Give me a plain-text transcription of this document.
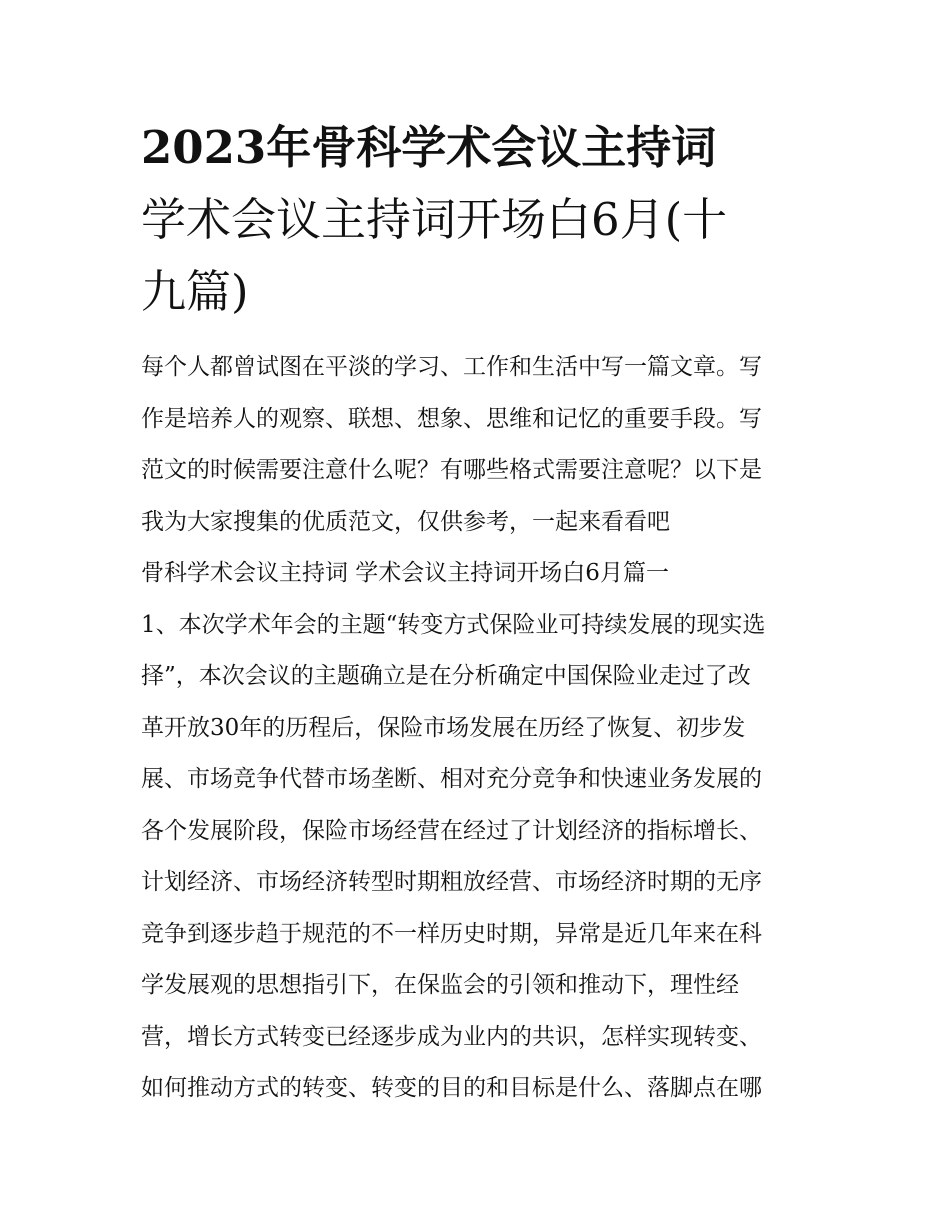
2023年骨科学术会议主持词
学术会议主持词开场白6月(十
九篇)
每个人都曾试图在平淡的学习、工作和生活中写一篇文章。写
作是培养人的观察、联想、想象、思维和记忆的重要手段。写
范文的时候需要注意什么呢？有哪些格式需要注意呢？以下是
我为大家搜集的优质范文，仅供参考，一起来看看吧
骨科学术会议主持词 学术会议主持词开场白6月篇一
1、本次学术年会的主题“转变方式保险业可持续发展的现实选
择”，本次会议的主题确立是在分析确定中国保险业走过了改
革开放30年的历程后，保险市场发展在历经了恢复、初步发
展、市场竞争代替市场垄断、相对充分竞争和快速业务发展的
各个发展阶段，保险市场经营在经过了计划经济的指标增长、
计划经济、市场经济转型时期粗放经营、市场经济时期的无序
竞争到逐步趋于规范的不一样历史时期，异常是近几年来在科
学发展观的思想指引下，在保监会的引领和推动下，理性经
营，增长方式转变已经逐步成为业内的共识，怎样实现转变、
如何推动方式的转变、转变的目的和目标是什么、落脚点在哪
